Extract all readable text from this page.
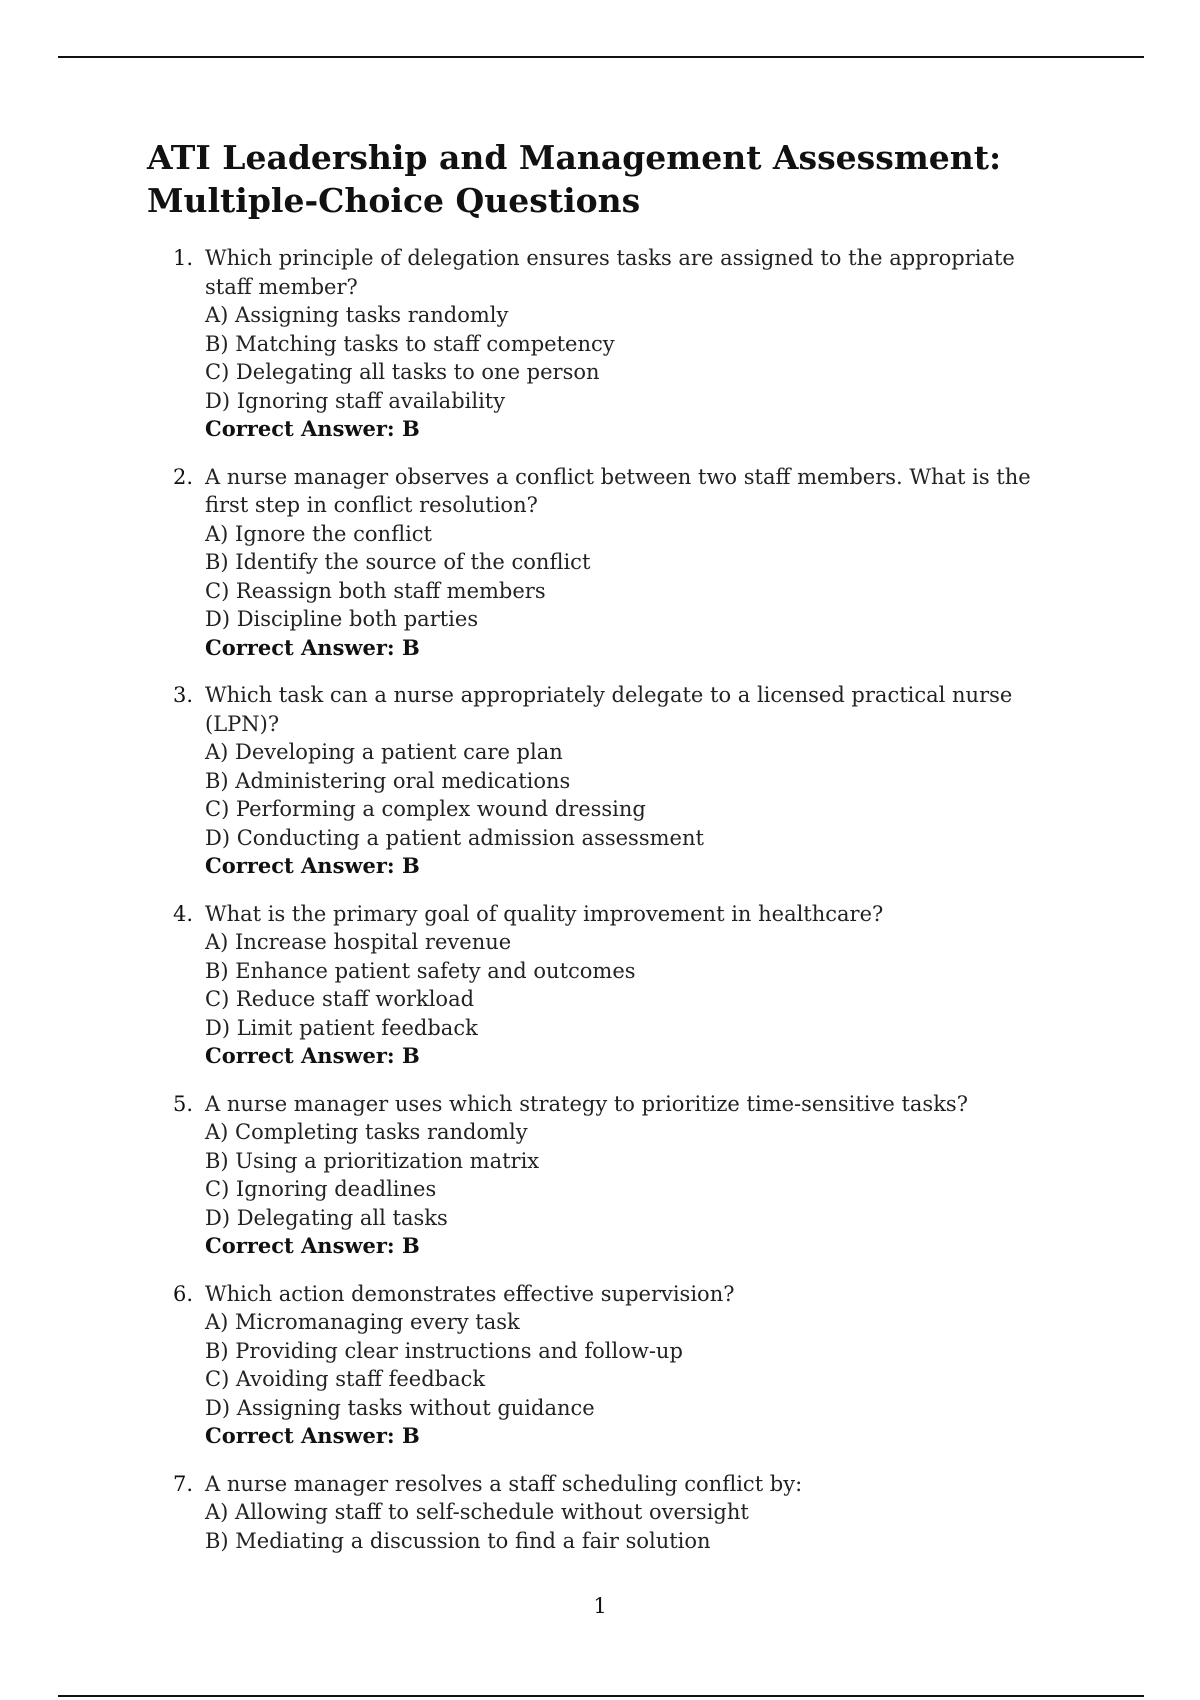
ATI Leadership and Management Assessment: Multiple-Choice Questions
1. Which principle of delegation ensures tasks are assigned to the appropriate staff member?
A) Assigning tasks randomly
B) Matching tasks to staff competency
C) Delegating all tasks to one person
D) Ignoring staff availability
Correct Answer: B
2. A nurse manager observes a conflict between two staff members. What is the first step in conflict resolution?
A) Ignore the conflict
B) Identify the source of the conflict
C) Reassign both staff members
D) Discipline both parties
Correct Answer: B
3. Which task can a nurse appropriately delegate to a licensed practical nurse (LPN)?
A) Developing a patient care plan
B) Administering oral medications
C) Performing a complex wound dressing
D) Conducting a patient admission assessment
Correct Answer: B
4. What is the primary goal of quality improvement in healthcare?
A) Increase hospital revenue
B) Enhance patient safety and outcomes
C) Reduce staff workload
D) Limit patient feedback
Correct Answer: B
5. A nurse manager uses which strategy to prioritize time-sensitive tasks?
A) Completing tasks randomly
B) Using a prioritization matrix
C) Ignoring deadlines
D) Delegating all tasks
Correct Answer: B
6. Which action demonstrates effective supervision?
A) Micromanaging every task
B) Providing clear instructions and follow-up
C) Avoiding staff feedback
D) Assigning tasks without guidance
Correct Answer: B
7. A nurse manager resolves a staff scheduling conflict by:
A) Allowing staff to self-schedule without oversight
B) Mediating a discussion to find a fair solution
1
